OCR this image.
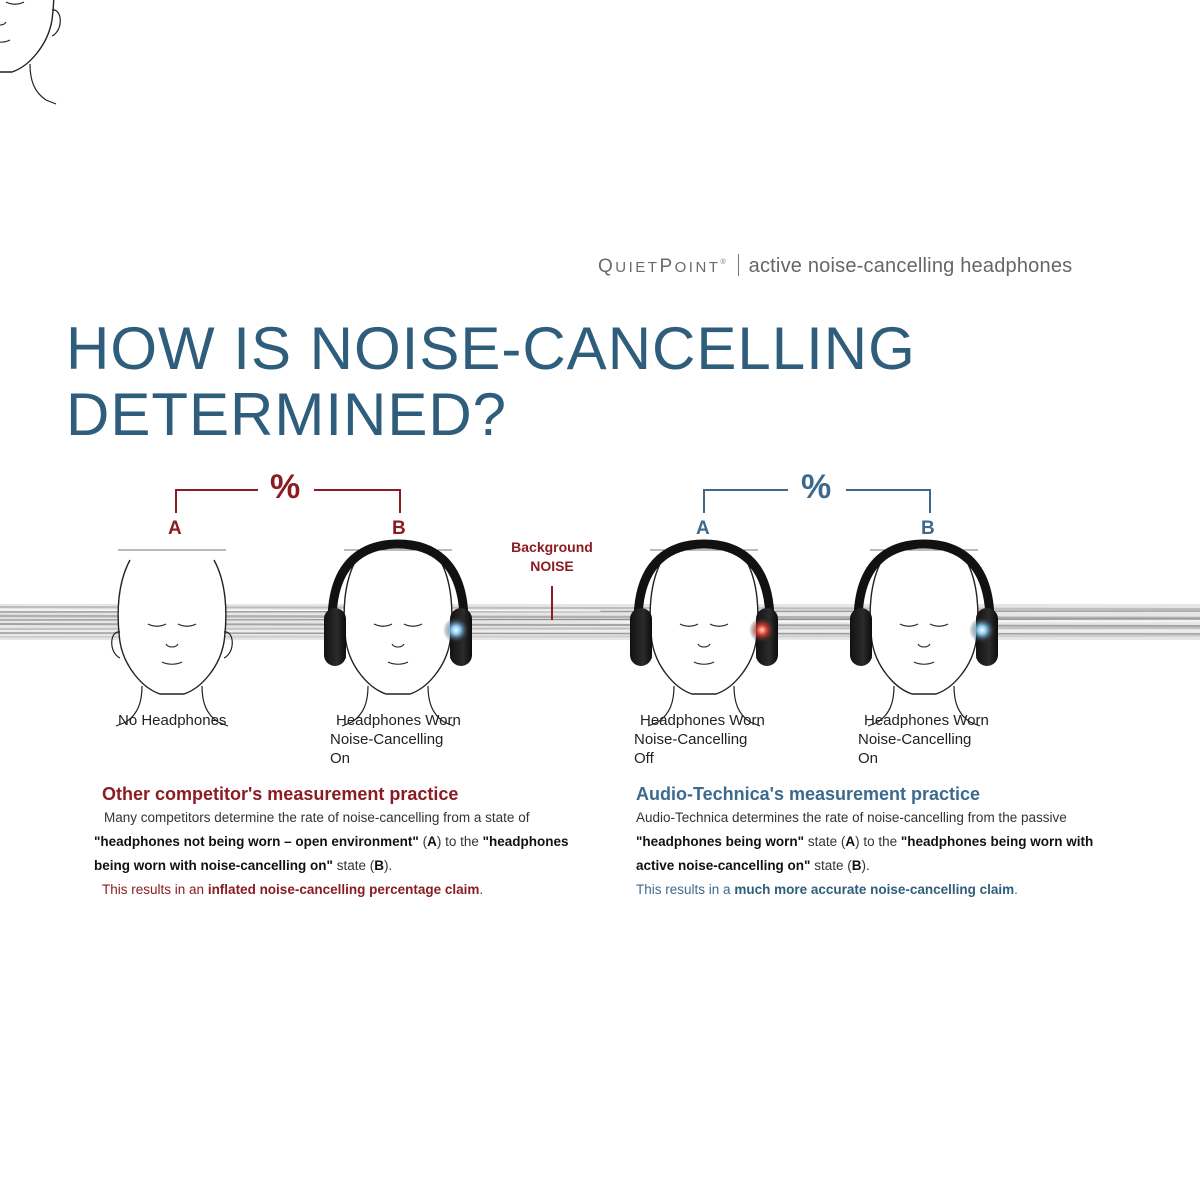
QUIETPOINT® active noise-cancelling headphones
HOW IS NOISE-CANCELLING
DETERMINED?
%
A	B
%
A	B
Background
NOISE
No Headphones	Headphones Worn
Noise-Cancelling
On
Headphones Worn
Noise-Cancelling
Off
Headphones Worn
Noise-Cancelling
On
Other competitor's measurement practice
Many competitors determine the rate of noise-cancelling from a state of "headphones not being worn – open environment" (A) to the "headphones being worn with noise-cancelling on" state (B).
This results in an inflated noise-cancelling percentage claim.
Audio-Technica's measurement practice
Audio-Technica determines the rate of noise-cancelling from the passive "headphones being worn" state (A) to the "headphones being worn with active noise-cancelling on" state (B).
This results in a much more accurate noise-cancelling claim.
